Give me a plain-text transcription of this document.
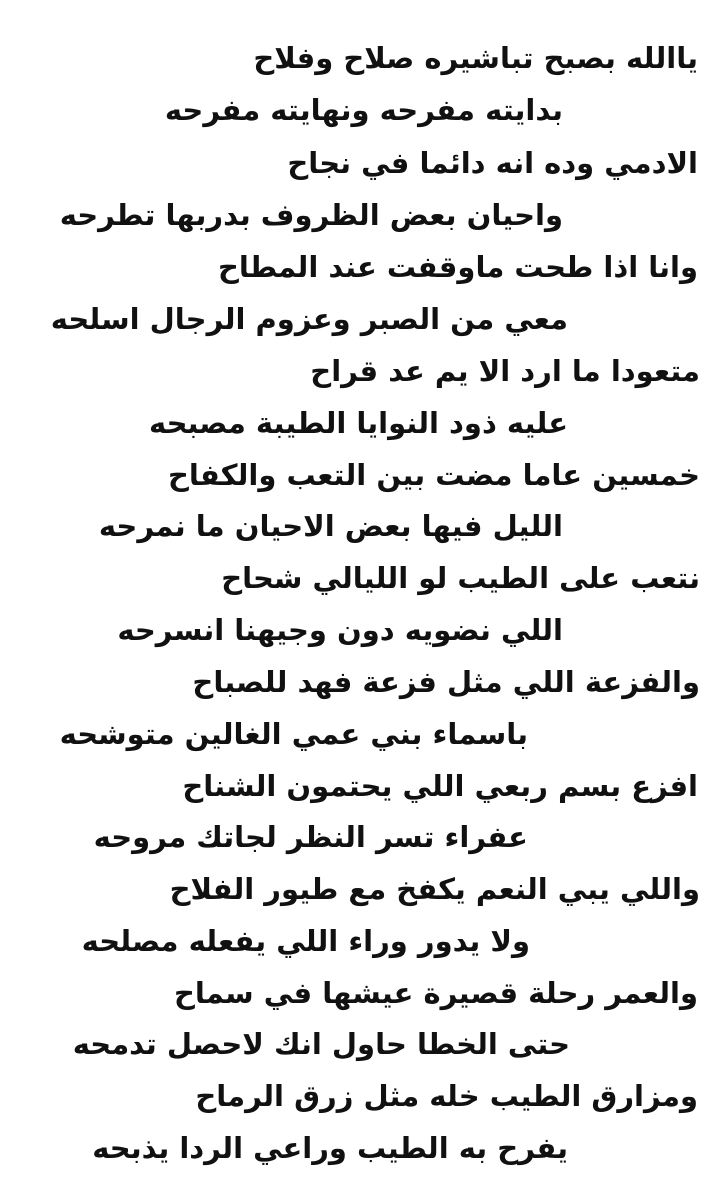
ياالله بصبح تباشيره صلاح وفلاح
بدايته مفرحه ونهايته مفرحه
الادمي وده انه دائما في نجاح
واحيان بعض الظروف بدربها تطرحه
وانا اذا طحت ماوقفت عند المطاح
معي من الصبر وعزوم الرجال اسلحه
متعودا ما ارد الا يم عد قراح
عليه ذود النوايا الطيبة مصبحه
خمسين عاما مضت بين التعب والكفاح
الليل فيها بعض الاحيان ما نمرحه
نتعب على الطيب لو الليالي شحاح
اللي نضويه دون وجيهنا انسرحه
والفزعة اللي مثل فزعة فهد للصباح
باسماء بني عمي الغالين متوشحه
افزع بسم ربعي اللي يحتمون الشناح
عفراء تسر النظر لجاتك مروحه
واللي يبي النعم يكفخ مع طيور الفلاح
ولا يدور وراء اللي يفعله مصلحه
والعمر رحلة قصيرة عيشها في سماح
حتى الخطا حاول انك لاحصل تدمحه
ومزارق الطيب خله مثل زرق الرماح
يفرح به الطيب وراعي الردا يذبحه
